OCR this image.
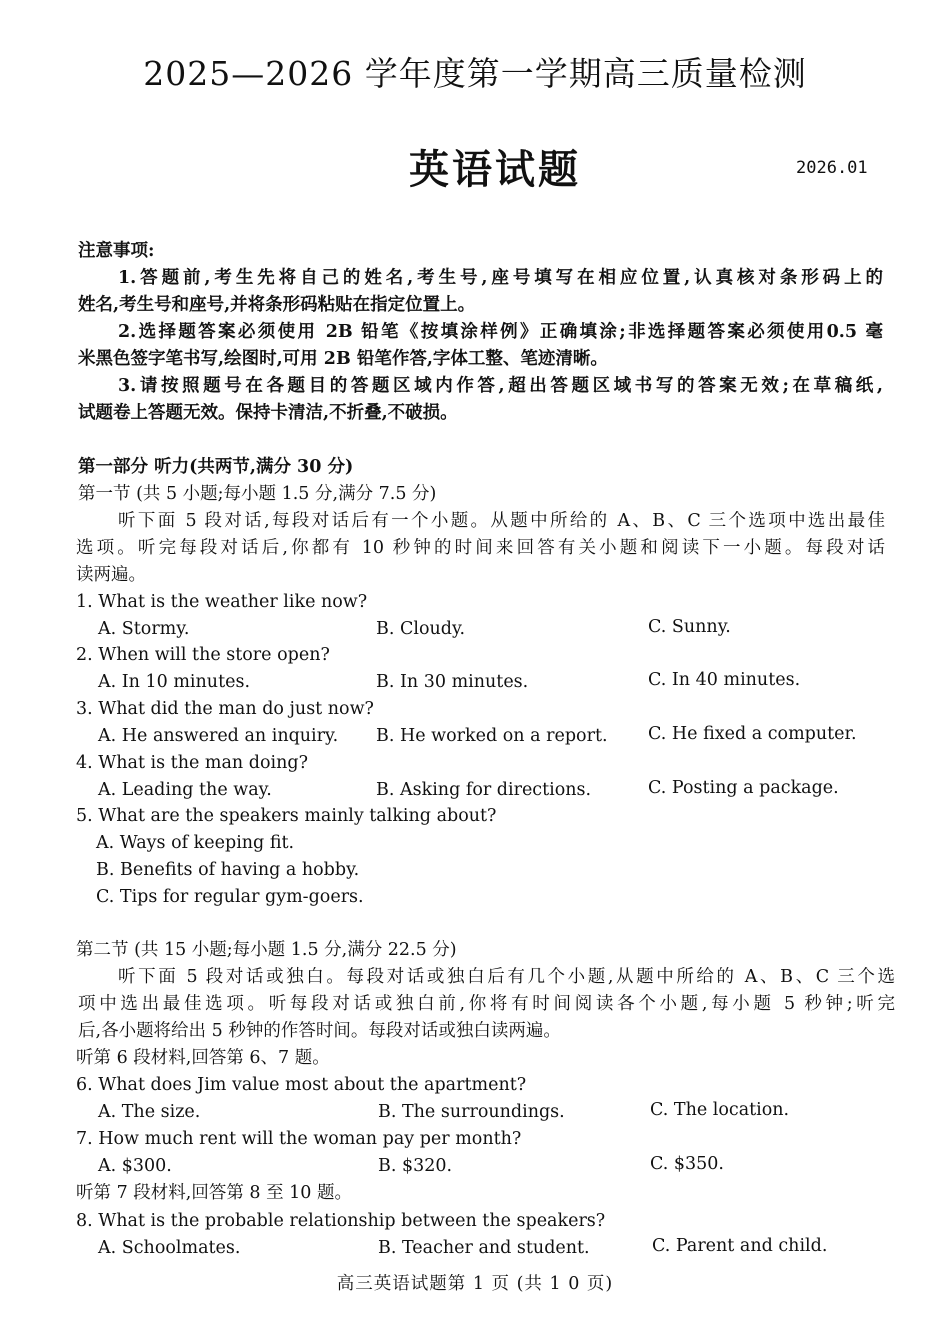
2025—2026 学年度第一学期高三质量检测
英语试题	2026.01
注意事项:
1.答题前,考生先将自己的姓名,考生号,座号填写在相应位置,认真核对条形码上的
姓名,考生号和座号,并将条形码粘贴在指定位置上。
2.选择题答案必须使用 2B 铅笔《按填涂样例》正确填涂;非选择题答案必须使用0.5 毫
米黑色签字笔书写,绘图时,可用 2B 铅笔作答,字体工整、笔迹清晰。
3.请按照题号在各题目的答题区域内作答,超出答题区域书写的答案无效;在草稿纸,
试题卷上答题无效。保持卡清洁,不折叠,不破损。
第一部分 听力(共两节,满分 30 分)
第一节 (共 5 小题;每小题 1.5 分,满分 7.5 分)
听下面 5 段对话,每段对话后有一个小题。从题中所给的 A、B、C 三个选项中选出最佳
选项。听完每段对话后,你都有 10 秒钟的时间来回答有关小题和阅读下一小题。每段对话
读两遍。
1. What is the weather like now?
A. Stormy.	B. Cloudy.	C. Sunny.
2. When will the store open?
A. In 10 minutes.	B. In 30 minutes.	C. In 40 minutes.
3. What did the man do just now?
A. He answered an inquiry. B. He worked on a report. C. He fixed a computer.
4. What is the man doing?
A. Leading the way.	B. Asking for directions.	C. Posting a package.
5. What are the speakers mainly talking about?
A. Ways of keeping fit.
B. Benefits of having a hobby.
C. Tips for regular gym-goers.
第二节 (共 15 小题;每小题 1.5 分,满分 22.5 分)
听下面 5 段对话或独白。每段对话或独白后有几个小题,从题中所给的 A、B、C 三个选
项中选出最佳选项。听每段对话或独白前,你将有时间阅读各个小题,每小题 5 秒钟;听完
后,各小题将给出 5 秒钟的作答时间。每段对话或独白读两遍。
听第 6 段材料,回答第 6、7 题。
6. What does Jim value most about the apartment?
A. The size.	B. The surroundings.	C. The location.
7. How much rent will the woman pay per month?
A. $300.	B. $320.	C. $350.
听第 7 段材料,回答第 8 至 10 题。
8. What is the probable relationship between the speakers?
A. Schoolmates.	B. Teacher and student.	C. Parent and child.
高三英语试题第 1 页 (共 1 0 页)
